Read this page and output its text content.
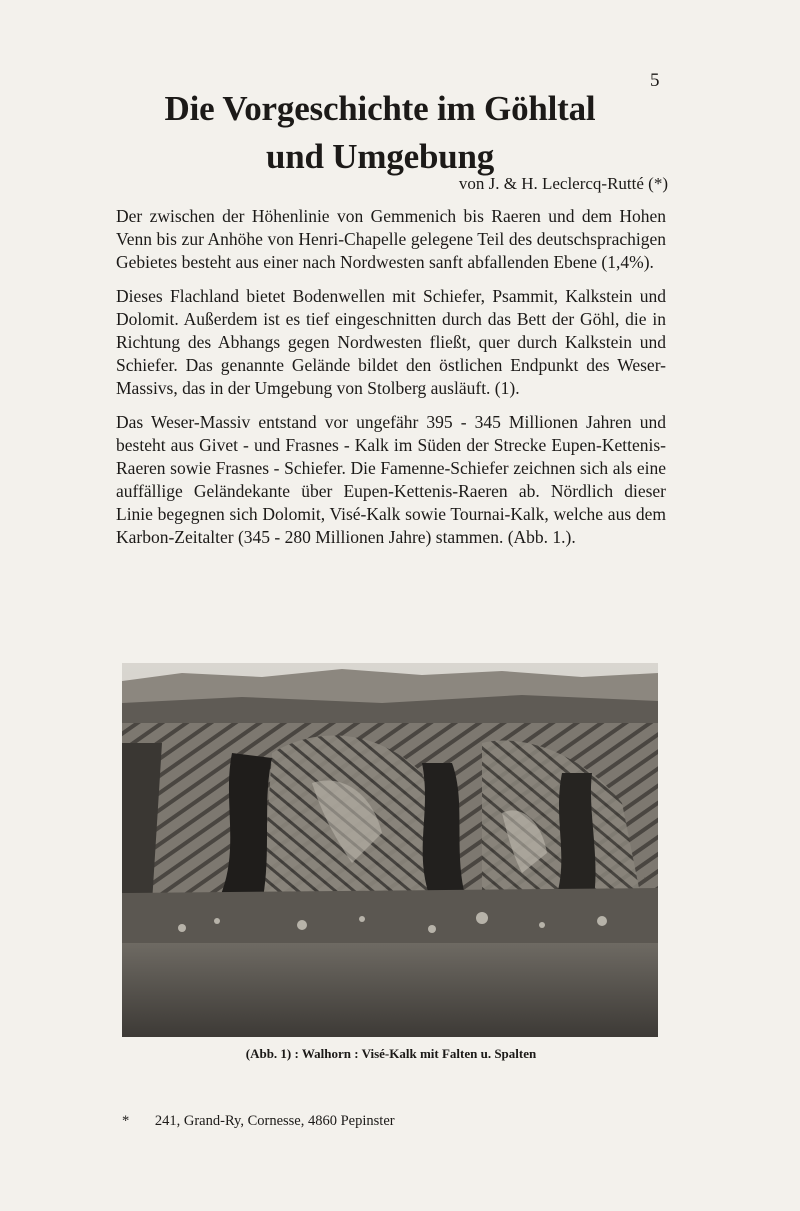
5
Die Vorgeschichte im Göhltal
und Umgebung
von J. & H. Leclercq-Rutté (*)

Der zwischen der Höhenlinie von Gemmenich bis Raeren und dem Hohen Venn bis zur Anhöhe von Henri-Chapelle gelegene Teil des deutschsprachigen Gebietes besteht aus einer nach Nordwesten sanft abfallenden Ebene (1,4%).

Dieses Flachland bietet Bodenwellen mit Schiefer, Psammit, Kalkstein und Dolomit. Außerdem ist es tief eingeschnitten durch das Bett der Göhl, die in Richtung des Abhangs gegen Nordwesten fließt, quer durch Kalkstein und Schiefer. Das genannte Gelände bildet den östlichen Endpunkt des Weser-Massivs, das in der Umgebung von Stolberg ausläuft. (1).

Das Weser-Massiv entstand vor ungefähr 395 - 345 Millionen Jahren und besteht aus Givet - und Frasnes - Kalk im Süden der Strecke Eupen-Kettenis-Raeren sowie Frasnes - Schiefer. Die Famenne-Schiefer zeichnen sich als eine auffällige Geländekante über Eupen-Kettenis-Raeren ab. Nördlich dieser Linie begegnen sich Dolomit, Visé-Kalk sowie Tournai-Kalk, welche aus dem Karbon-Zeitalter (345 - 280 Millionen Jahre) stammen. (Abb. 1.).

(Abb. 1) : Walhorn : Visé-Kalk mit Falten u. Spalten
* 241, Grand-Ry, Cornesse, 4860 Pepinster
